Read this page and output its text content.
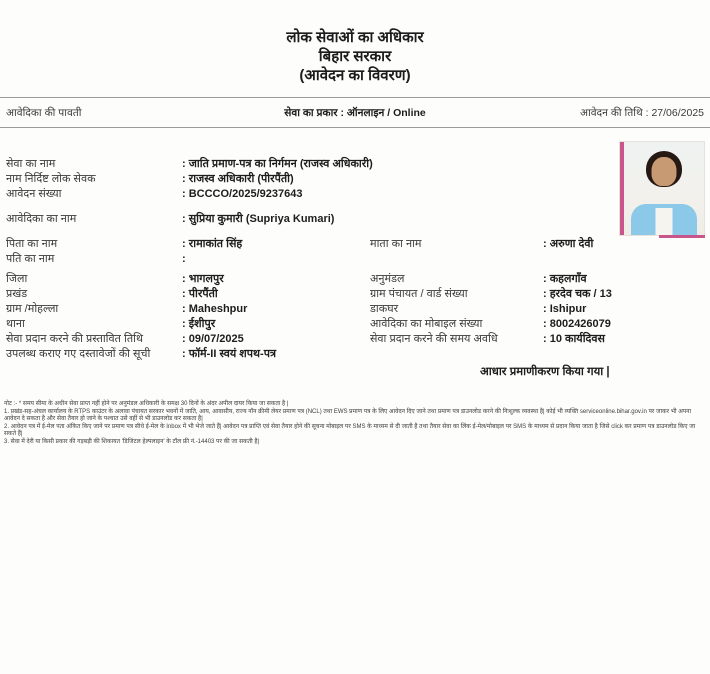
लोक सेवाओं का अधिकार
बिहार सरकार
(आवेदन का विवरण)
आवेदिका की पावती	सेवा का प्रकार : ऑनलाइन / Online	आवेदन की तिथि : 27/06/2025
सेवा का नाम	: जाति प्रमाण-पत्र का निर्गमन (राजस्व अधिकारी)
नाम निर्दिष्ट लोक सेवक	: राजस्व अधिकारी (पीरपैंती)
आवेदन संख्या	: BCCCO/2025/9237643
आवेदिका का नाम	: सुप्रिया कुमारी (Supriya Kumari)
पिता का नाम	: रामाकांत सिंह	माता का नाम	: अरुणा देवी
पति का नाम	:
जिला	: भागलपुर	अनुमंडल	: कहलगाँव
प्रखंड	: पीरपैंती	ग्राम पंचायत / वार्ड संख्या	: हरदेव चक / 13
ग्राम /मोहल्ला	: Maheshpur	डाकघर	: Ishipur
थाना	: ईशीपुर	आवेदिका का मोबाइल संख्या	: 8002426079
सेवा प्रदान करने की प्रस्तावित तिथि	: 09/07/2025	सेवा प्रदान करने की समय अवधि	: 10 कार्यदिवस
उपलब्ध कराए गए दस्तावेजों की सूची	: फॉर्म-II स्वयं शपथ-पत्र
आधार प्रमाणीकरण किया गया |

नोट :- * समय सीमा के अधीन सेवा प्राप्त नहीं होने पर अनुमंडल अधिकारी के समक्ष 30 दिनों के अंदर अपील दायर किया जा सकता है |

1. प्रखंड-सह-अंचल कार्यालय के RTPS काउंटर के अलावा पंचायत सरकार भवनों में जाति, आय, आवासीय, राज्य नॉन क्रीमी लेयर प्रमाण पत्र (NCL) तथा EWS प्रमाण पत्र के लिए आवेदन दिए जाने तथा प्रमाण पत्र डाउनलोड करने की निःशुल्क व्यवस्था है| कोई भी व्यक्ति serviceonline.bihar.gov.in पर जाकर भी अपना आवेदन दे सकता है और सेवा तैयार हो जाने के पश्चात उसे वहीं से भी डाउनलोड कर सकता है|

2. आवेदन पत्र में ई-मेल पता अंकित किए जाने पर प्रमाण पत्र सीधे ई-मेल के Inbox में भी भेजे जाते हैं| आवेदन पत्र प्राप्ति एवं सेवा तैयार होने की सूचना मोबाइल पर SMS के माध्यम से दी जाती है तथा तैयार सेवा का लिंक ई-मेल/मोबाइल पर SMS के माध्यम से प्रदान किया जाता है जिसे click कर प्रमाण पत्र डाउनलोड किए जा सकते हैं|

3. सेवा में देरी या किसी प्रकार की गड़बड़ी की शिकायत 'डिजिटल हेल्पलाइन' के टॉल फ्री नं.-14403 पर की जा सकती है|
